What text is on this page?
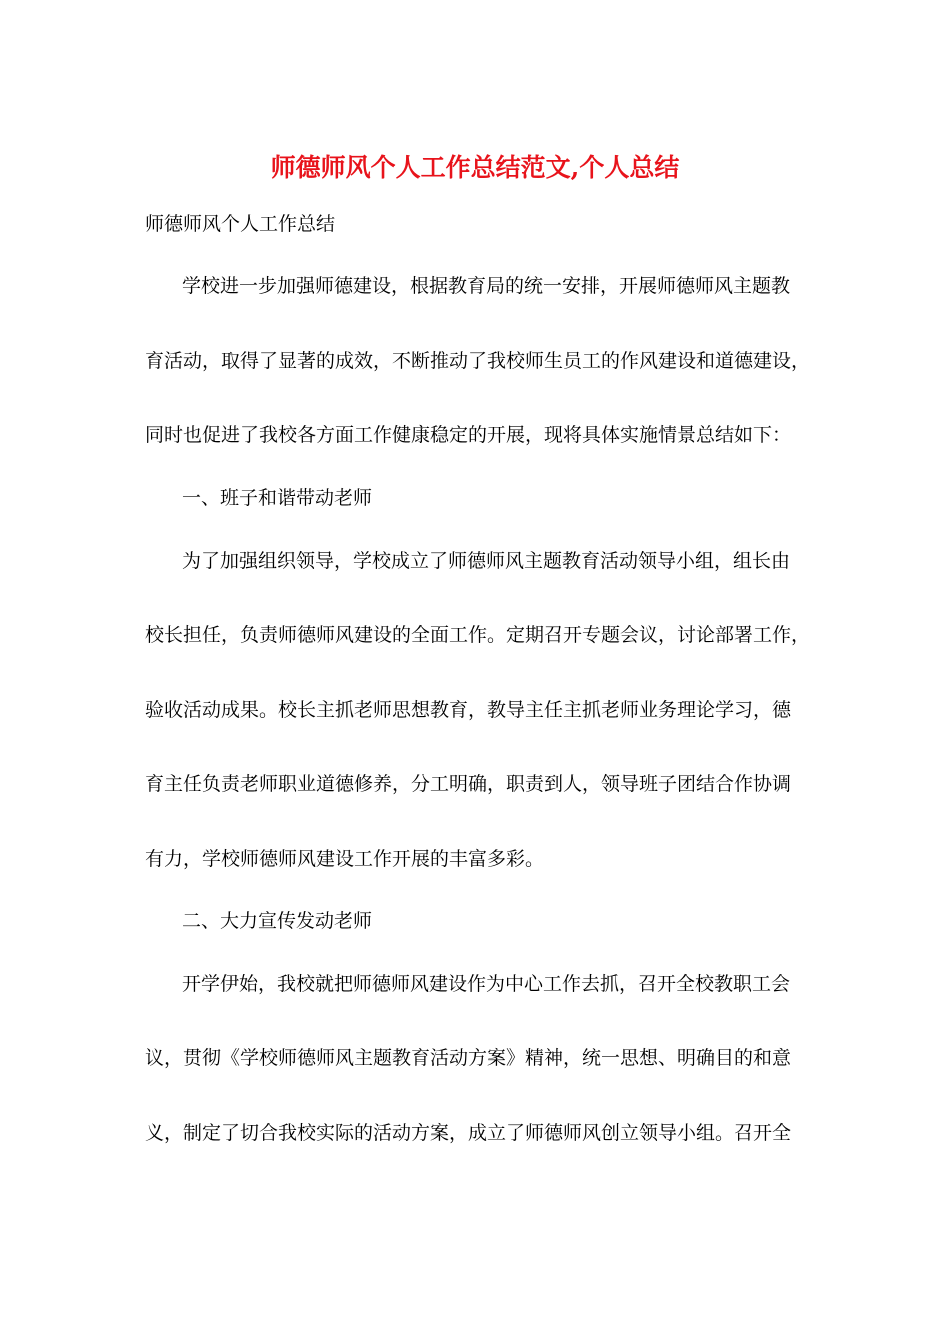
师德师风个人工作总结范文,个人总结
师德师风个人工作总结
学校进一步加强师德建设，根据教育局的统一安排，开展师德师风主题教
育活动，取得了显著的成效，不断推动了我校师生员工的作风建设和道德建设，
同时也促进了我校各方面工作健康稳定的开展，现将具体实施情景总结如下：
一、班子和谐带动老师
为了加强组织领导，学校成立了师德师风主题教育活动领导小组，组长由
校长担任，负责师德师风建设的全面工作。定期召开专题会议，讨论部署工作，
验收活动成果。校长主抓老师思想教育，教导主任主抓老师业务理论学习，德
育主任负责老师职业道德修养，分工明确，职责到人，领导班子团结合作协调
有力，学校师德师风建设工作开展的丰富多彩。
二、大力宣传发动老师
开学伊始，我校就把师德师风建设作为中心工作去抓，召开全校教职工会
议，贯彻《学校师德师风主题教育活动方案》精神，统一思想、明确目的和意
义，制定了切合我校实际的活动方案，成立了师德师风创立领导小组。召开全
